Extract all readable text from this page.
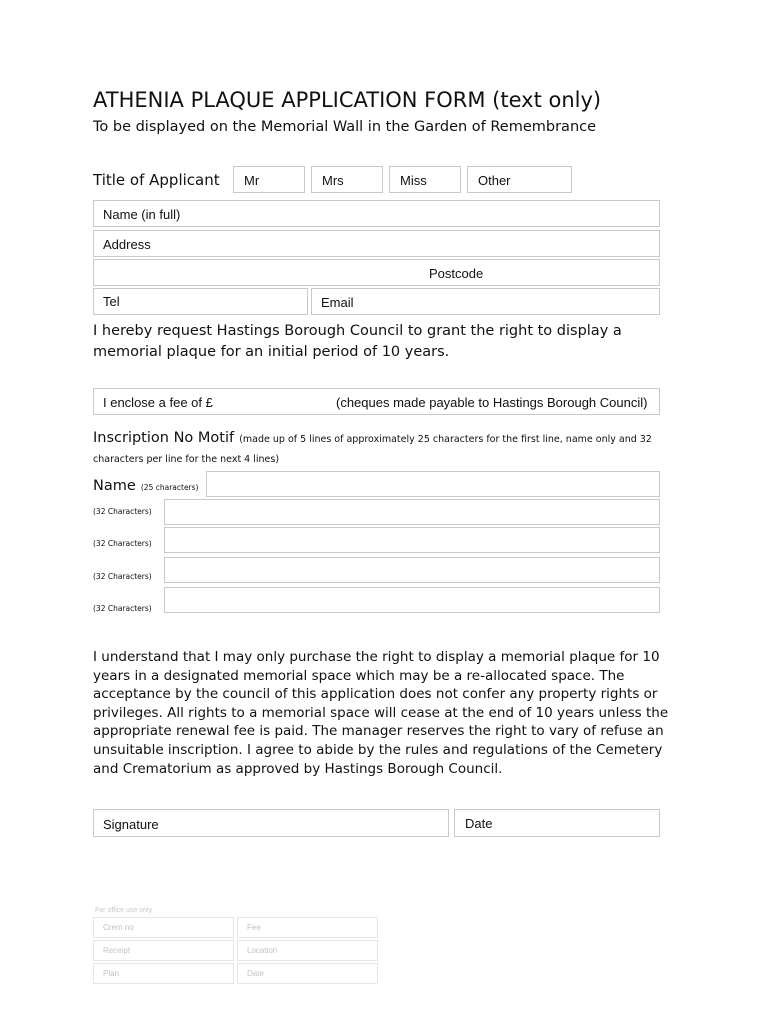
ATHENIA PLAQUE APPLICATION FORM (text only)
To be displayed on the Memorial Wall in the Garden of Remembrance
Title of Applicant Mr	Mrs	Miss	Other
Name (in full)
Address
Postcode
Tel	Email
I hereby request Hastings Borough Council to grant the right to display a memorial plaque for an initial period of 10 years.
I enclose a fee of £	(cheques made payable to Hastings Borough Council)
Inscription No Motif (made up of 5 lines of approximately 25 characters for the first line, name only and 32 characters per line for the next 4 lines)
Name (25 characters)
(32 Characters)
(32 Characters)
(32 Characters)
(32 Characters)
I understand that I may only purchase the right to display a memorial plaque for 10 years in a designated memorial space which may be a re-allocated space. The acceptance by the council of this application does not confer any property rights or privileges. All rights to a memorial space will cease at the end of 10 years unless the appropriate renewal fee is paid. The manager reserves the right to vary of refuse an unsuitable inscription. I agree to abide by the rules and regulations of the Cemetery and Crematorium as approved by Hastings Borough Council.
Signature	Date
For office use only
Crem no	Fee
Receipt	Location
Plan	Date
